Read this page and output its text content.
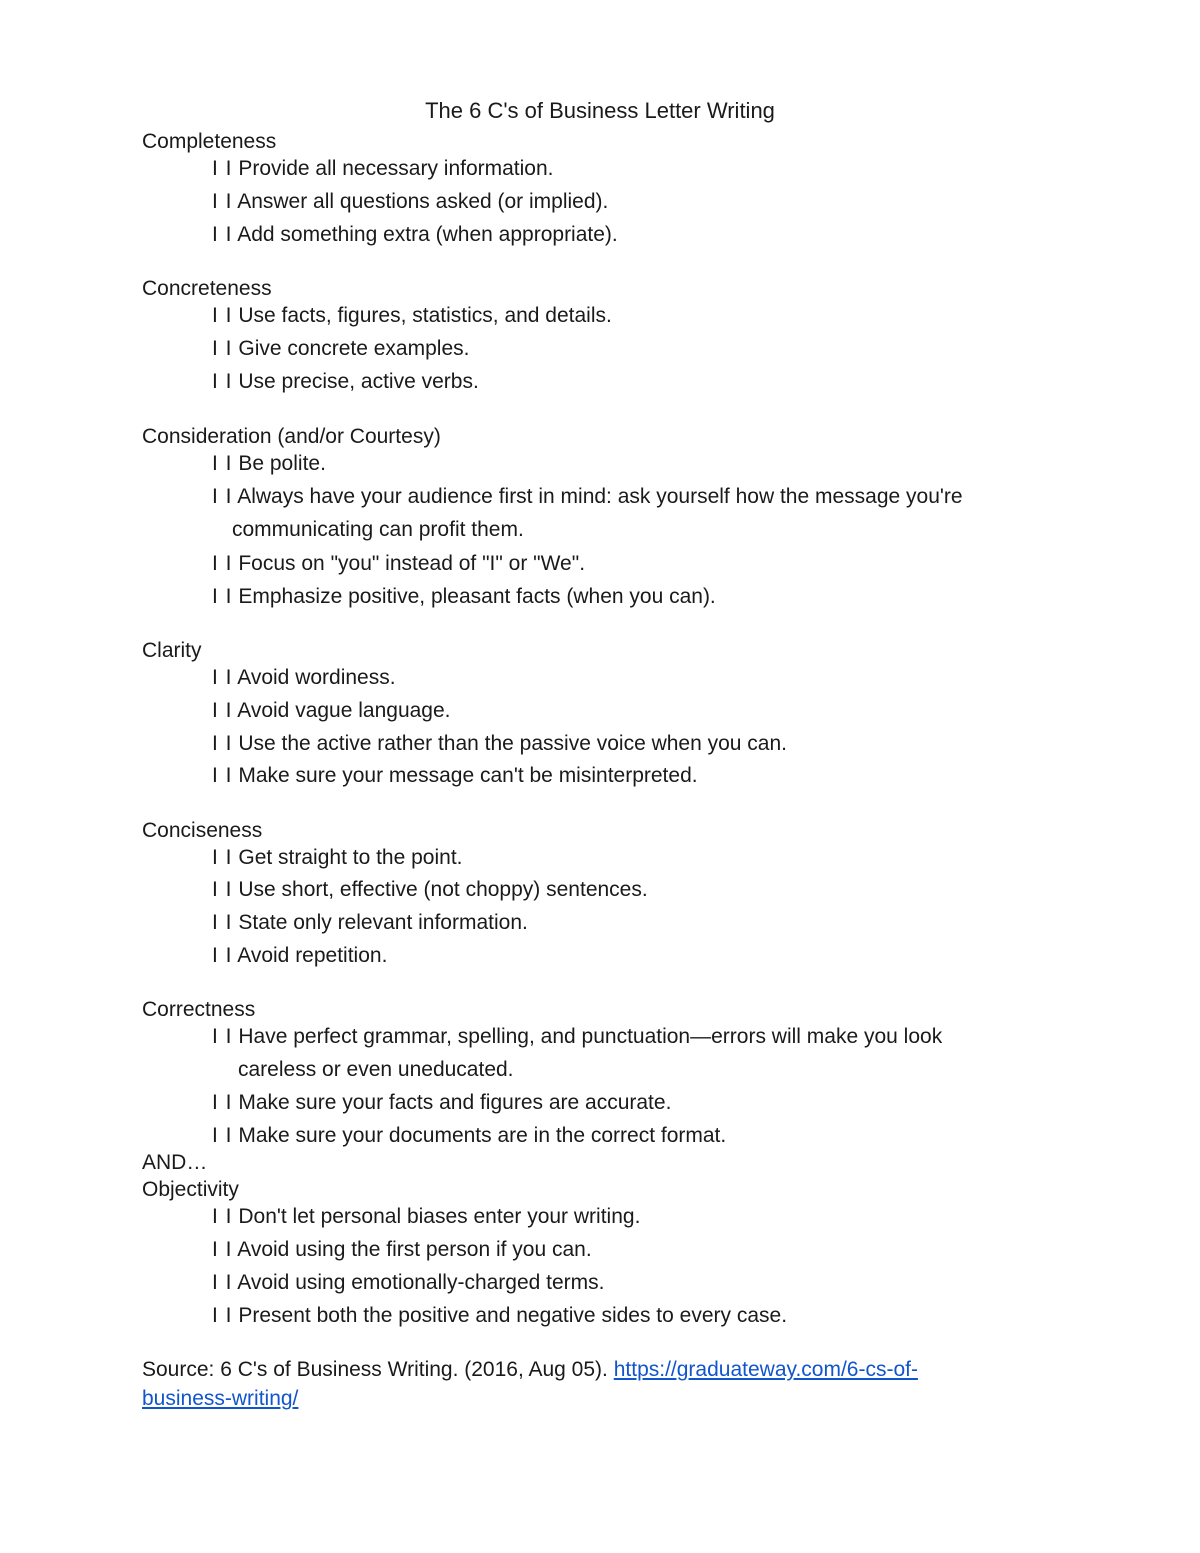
The 6 C's of Business Letter Writing
Completeness
I I Provide all necessary information.
I I Answer all questions asked (or implied).
I I Add something extra (when appropriate).
Concreteness
I I Use facts, figures, statistics, and details.
I I Give concrete examples.
I I Use precise, active verbs.
Consideration (and/or Courtesy)
I I Be polite.
I I Always have your audience first in mind: ask yourself how the message you're
communicating can profit them.
I I Focus on "you" instead of "I" or "We".
I I Emphasize positive, pleasant facts (when you can).
Clarity
I I Avoid wordiness.
I I Avoid vague language.
I I Use the active rather than the passive voice when you can.
I I Make sure your message can't be misinterpreted.
Conciseness
I I Get straight to the point.
I I Use short, effective (not choppy) sentences.
I I State only relevant information.
I I Avoid repetition.
Correctness
I I Have perfect grammar, spelling, and punctuation—errors will make you look
careless or even uneducated.
I I Make sure your facts and figures are accurate.
I I Make sure your documents are in the correct format.
AND…
Objectivity
I I Don't let personal biases enter your writing.
I I Avoid using the first person if you can.
I I Avoid using emotionally-charged terms.
I I Present both the positive and negative sides to every case.
Source: 6 C's of Business Writing. (2016, Aug 05). https://graduateway.com/6-cs-of-
business-writing/
